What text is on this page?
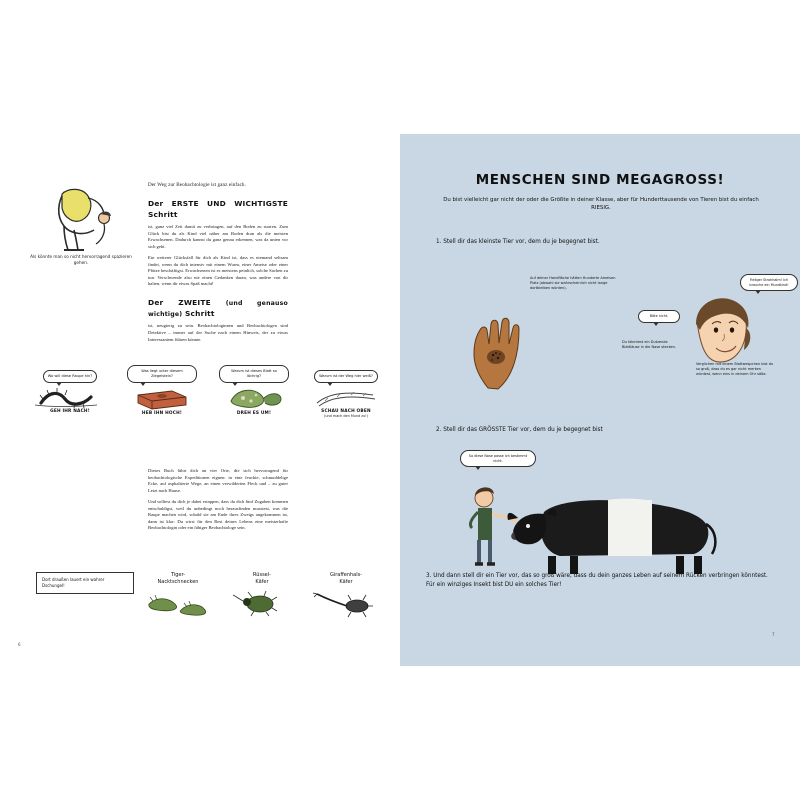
Als könnte man so nicht hervorragend spazieren gehen.
Der Weg zur Beobachtologie ist ganz einfach.
Der ERSTE UND WICHTIGSTE Schritt

ist, ganz viel Zeit damit zu verbringen, auf den Boden zu starren. Zum Glück bist du als Kind viel näher am Boden dran als die meisten Erwachsenen. Dadurch kannst du ganz genau erkennen, was da unten vor sich geht.

Ein weiterer Glücksfall für dich als Kind ist, dass es niemand seltsam findet, wenn du dich intensiv mit einem Wurm, einer Ameise oder einer Pfütze beschäftigst. Erwachsenen ist es meistens peinlich, solche Sachen zu tun. Verschwende also nie einen Gedanken daran, was andere von dir halten, wenn dir etwas Spaß macht!

Der ZWEITE (und genauso wichtige) Schritt

ist, neugierig zu sein. Beobachtologinnen und Beobachtologen sind Detektive – immer auf der Suche nach einem Hinweis, der zu etwas Interessantem führen könnte.

Wo will diese Raupe hin?
GEH IHR NACH!
Was liegt unter diesem Ziegelstein?
HEB IHN HOCH!
Warum ist dieses Blatt so löchrig?
DREH ES UM!
Warum ist der Weg hier weiß?
SCHAU NACH OBEN
(und mach den Mund zu!)

Dieses Buch führt dich an vier Orte, die sich hervorragend für beobachtologische Expeditionen eignen: in eine feuchte, schmuddelige Ecke, auf asphaltierte Wege, an einen verwilderten Fleck und – zu guter Letzt nach Hause.

Und solltest du dich je dabei ertappen, dass du dich fünf Zugaben kommen entschuldigst, weil du unbedingt noch herausfinden musstest, was die Raupe machen wird, sobald sie am Ende ihres Zweigs angekommen ist, dann ist klar: Du wirst für den Rest deines Lebens eine meisterhafte Beobachtologin oder ein fähiger Beobachtologe sein.

Dort draußen lauert ein wahrer Dschungel!
Tiger-
Nacktschnecken
Rüssel-
Käfer
Giraffenhals-
Käfer
6
MENSCHEN SIND MEGAGROSS!
Du bist vielleicht gar nicht der oder die Größte in deiner Klasse, aber für Hunderttausende von Tieren bist du einfach RIESIG.
1. Stell dir das kleinste Tier vor, dem du je begegnet bist.
Auf deiner Handfläche hätten Hunderte Ameisen Platz (obwohl sie wahrscheinlich nicht lange dortbleiben würden).
Fieliger Strohhalm! Ich brauche ein Mundkind!
Bitte nicht.
Du könntest ein Dutzende Blattläuse in die Nase stecken.
Verglichen mit einem Blattwespchen bist du so groß, dass du es gar nicht merken würdest, wenn eins in deinem Ohr säße.
2. Stell dir das GRÖSSTE Tier vor, dem du je begegnet bist
So diese Nase passe ich bestimmt nicht.
3. Und dann stell dir ein Tier vor, das so groß wäre, dass du dein ganzes Leben auf seinem Rücken verbringen könntest. Für ein winziges Insekt bist DU ein solches Tier!
7
